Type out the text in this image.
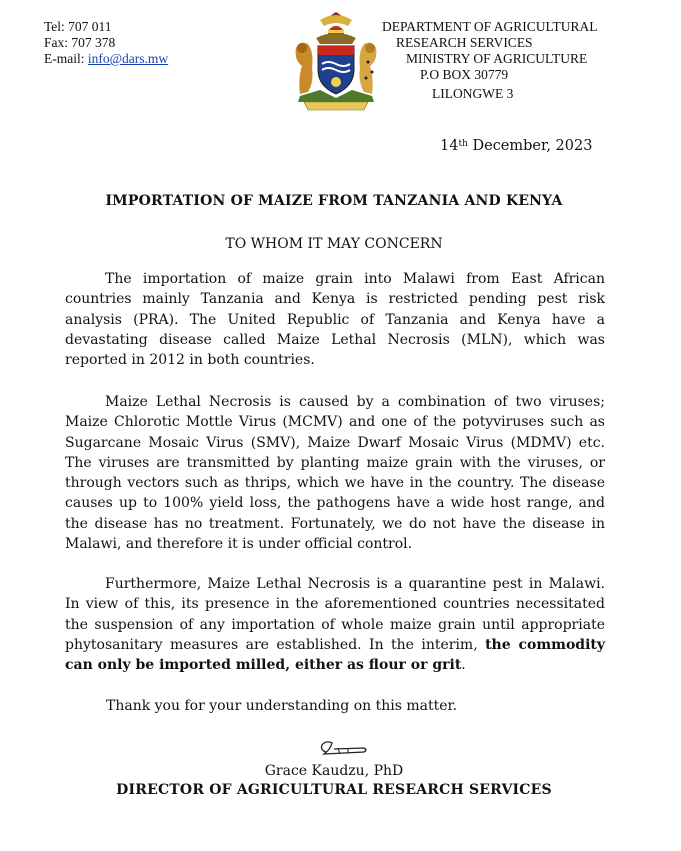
Tel: 707 011
Fax: 707 378
E-mail: info@dars.mw
DEPARTMENT OF AGRICULTURAL
RESEARCH SERVICES
MINISTRY OF AGRICULTURE
P.O BOX 30779
LILONGWE 3
14th December, 2023
IMPORTATION OF MAIZE FROM TANZANIA AND KENYA
TO WHOM IT MAY CONCERN
The importation of maize grain into Malawi from East African countries mainly Tanzania and Kenya is restricted pending pest risk analysis (PRA). The United Republic of Tanzania and Kenya have a devastating disease called Maize Lethal Necrosis (MLN), which was reported in 2012 in both countries.
Maize Lethal Necrosis is caused by a combination of two viruses; Maize Chlorotic Mottle Virus (MCMV) and one of the potyviruses such as Sugarcane Mosaic Virus (SMV), Maize Dwarf Mosaic Virus (MDMV) etc. The viruses are transmitted by planting maize grain with the viruses, or through vectors such as thrips, which we have in the country. The disease causes up to 100% yield loss, the pathogens have a wide host range, and the disease has no treatment. Fortunately, we do not have the disease in Malawi, and therefore it is under official control.
Furthermore, Maize Lethal Necrosis is a quarantine pest in Malawi. In view of this, its presence in the aforementioned countries necessitated the suspension of any importation of whole maize grain until appropriate phytosanitary measures are established. In the interim, the commodity can only be imported milled, either as flour or grit.
Thank you for your understanding on this matter.
Grace Kaudzu, PhD
DIRECTOR OF AGRICULTURAL RESEARCH SERVICES
